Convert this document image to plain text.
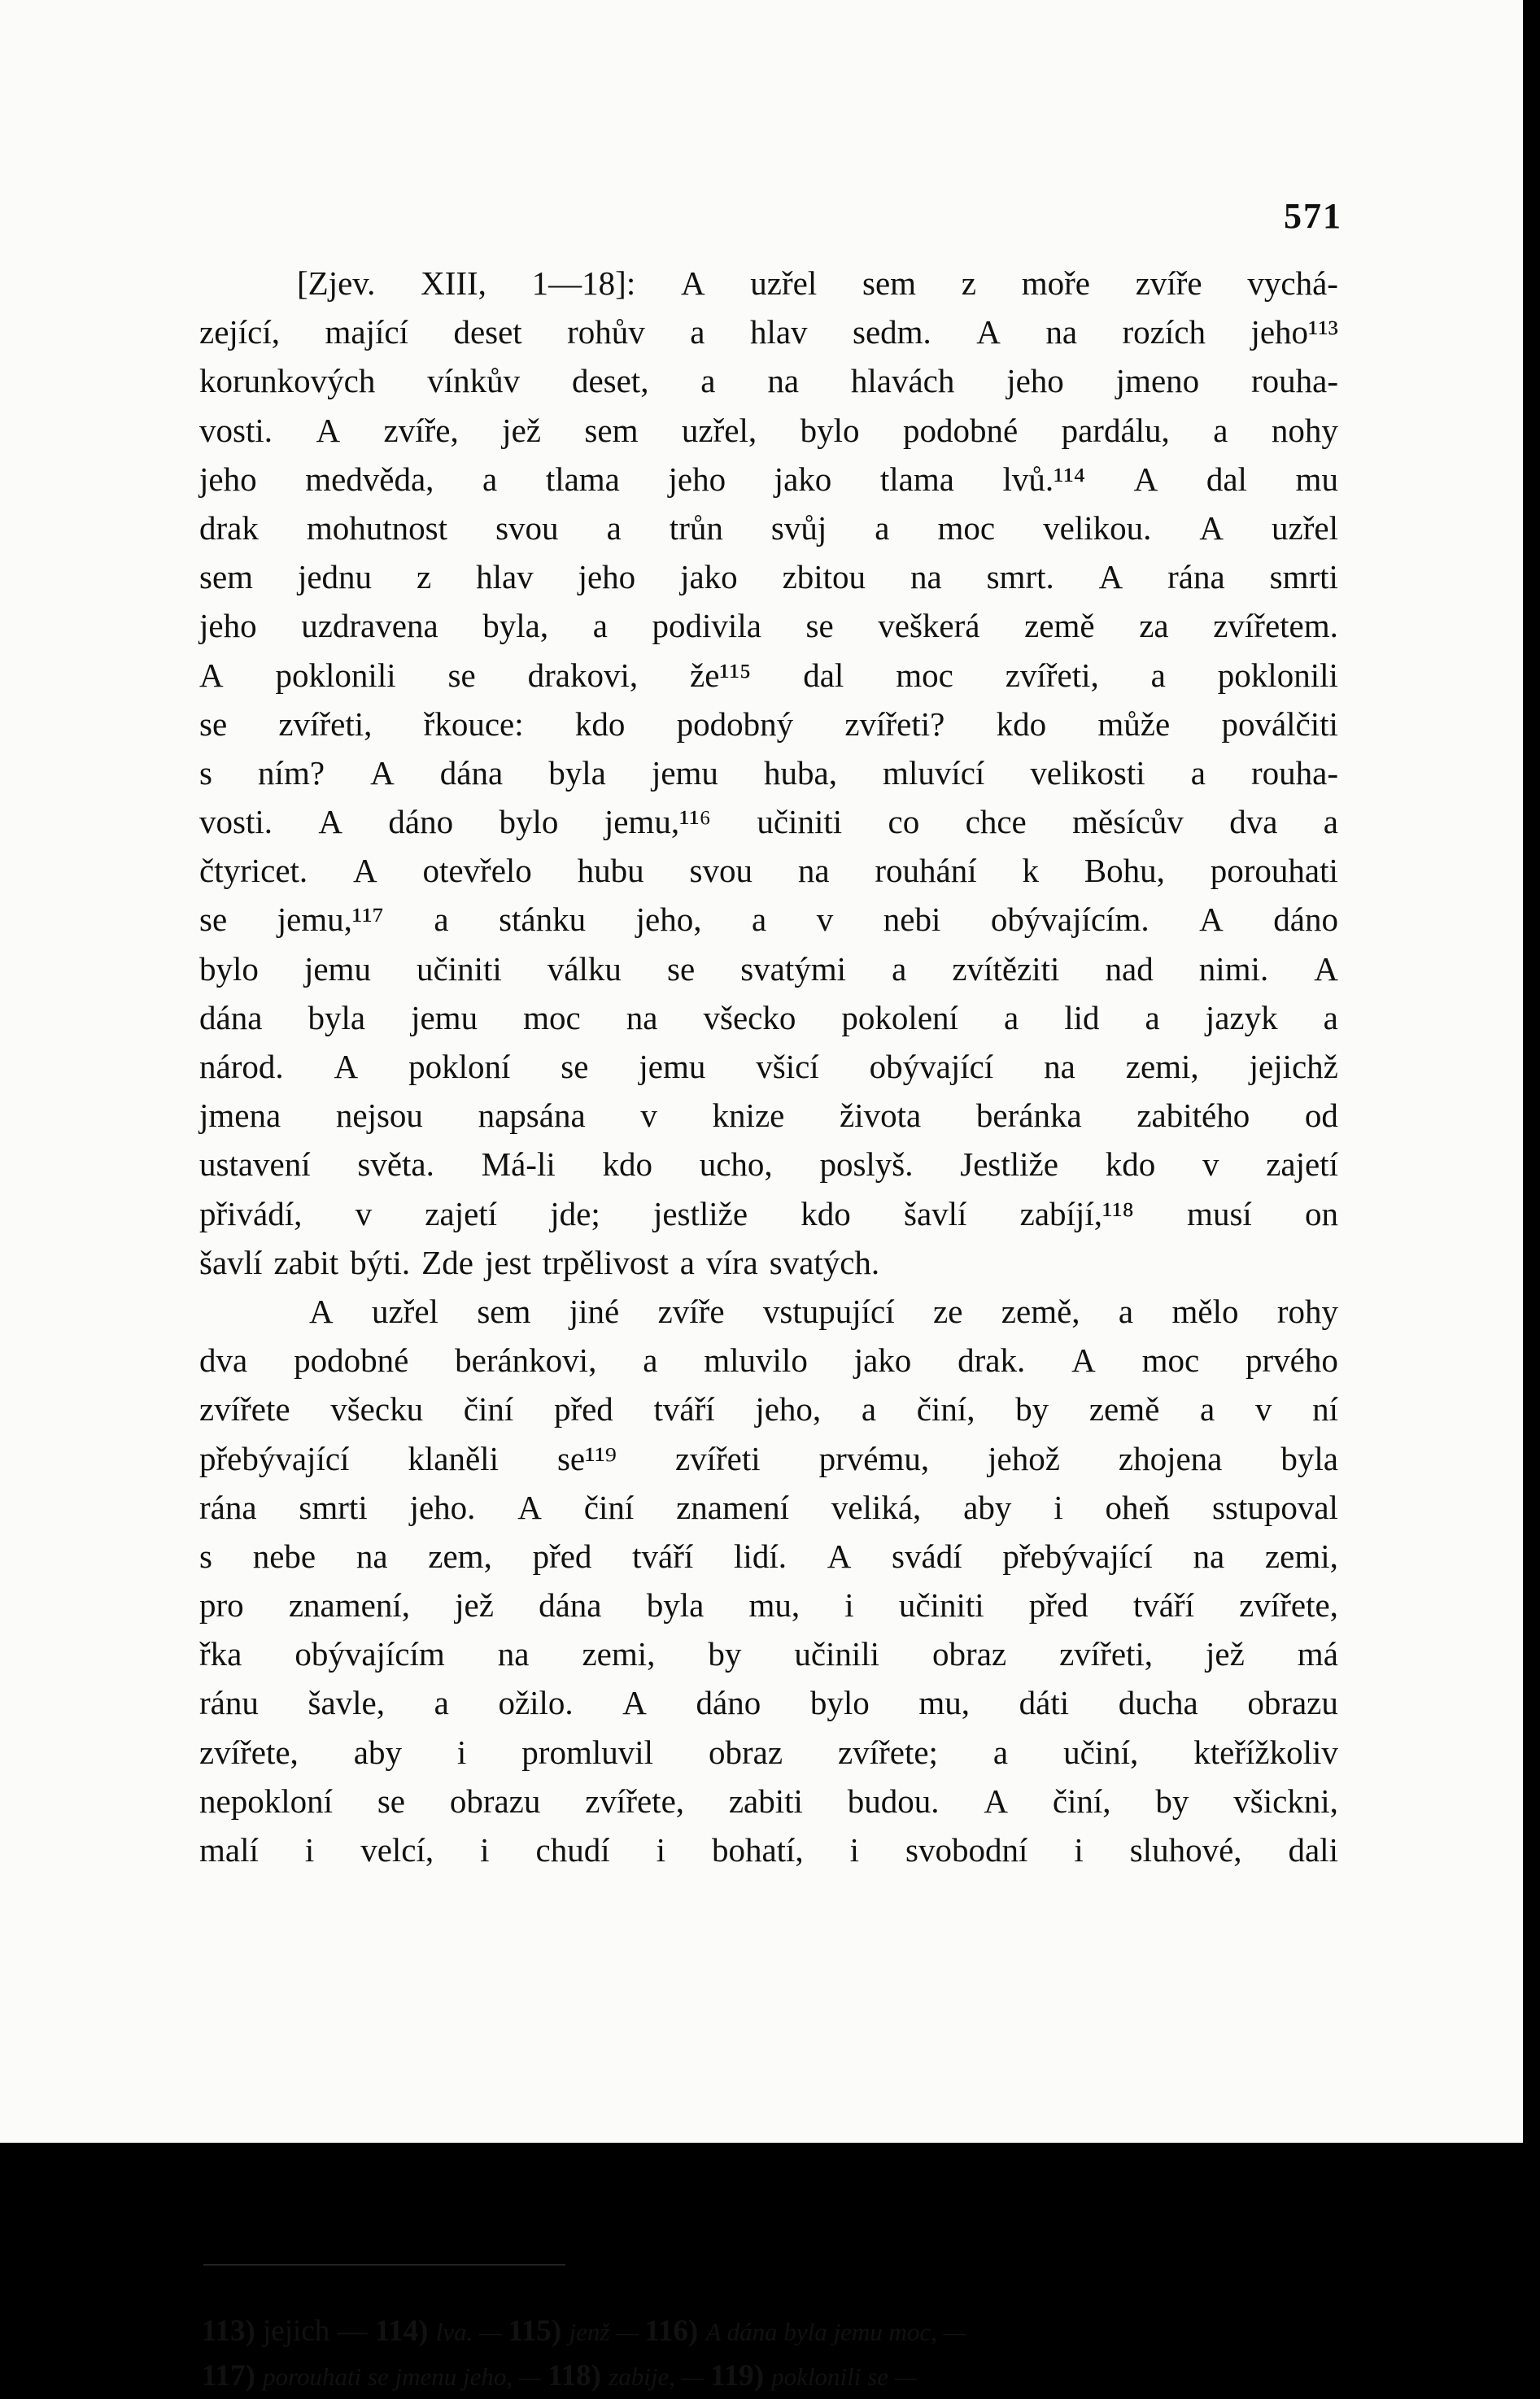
571
[Zjev. XIII, 1—18]: A uzřel sem z moře zvíře vychá-
zející, mající deset rohův a hlav sedm. A na rozích jeho¹¹³
korunkových vínkův deset, a na hlavách jeho jmeno rouha-
vosti. A zvíře, jež sem uzřel, bylo podobné pardálu, a nohy
jeho medvěda, a tlama jeho jako tlama lvů.¹¹⁴ A dal mu
drak mohutnost svou a trůn svůj a moc velikou. A uzřel
sem jednu z hlav jeho jako zbitou na smrt. A rána smrti
jeho uzdravena byla, a podivila se veškerá země za zvířetem.
A poklonili se drakovi, že¹¹⁵ dal moc zvířeti, a poklonili
se zvířeti, řkouce: kdo podobný zvířeti? kdo může poválčiti
s ním? A dána byla jemu huba, mluvící velikosti a rouha-
vosti. A dáno bylo jemu,¹¹⁶ učiniti co chce měsícův dva a
čtyricet. A otevřelo hubu svou na rouhání k Bohu, porouhati
se jemu,¹¹⁷ a stánku jeho, a v nebi obývajícím. A dáno
bylo jemu učiniti válku se svatými a zvítěziti nad nimi. A
dána byla jemu moc na všecko pokolení a lid a jazyk a
národ. A pokloní se jemu všicí obývající na zemi, jejichž
jmena nejsou napsána v knize života beránka zabitého od
ustavení světa. Má-li kdo ucho, poslyš. Jestliže kdo v zajetí
přivádí, v zajetí jde; jestliže kdo šavlí zabíjí,¹¹⁸ musí on
šavlí zabit býti. Zde jest trpělivost a víra svatých.
A uzřel sem jiné zvíře vstupující ze země, a mělo rohy
dva podobné beránkovi, a mluvilo jako drak. A moc prvého
zvířete všecku činí před tváří jeho, a činí, by země a v ní
přebývající klaněli se¹¹⁹ zvířeti prvému, jehož zhojena byla
rána smrti jeho. A činí znamení veliká, aby i oheň sstupoval
s nebe na zem, před tváří lidí. A svádí přebývající na zemi,
pro znamení, jež dána byla mu, i učiniti před tváří zvířete,
řka obývajícím na zemi, by učinili obraz zvířeti, jež má
ránu šavle, a ožilo. A dáno bylo mu, dáti ducha obrazu
zvířete, aby i promluvil obraz zvířete; a učiní, kteřížkoliv
nepokloní se obrazu zvířete, zabiti budou. A činí, by všickni,
malí i velcí, i chudí i bohatí, i svobodní i sluhové, dali
113) jejich — 114) lva. — 115) jenž — 116) A dána byla jemu moc, —
117) porouhati se jmenu jeho, — 118) zabije, — 119) poklonili se —
